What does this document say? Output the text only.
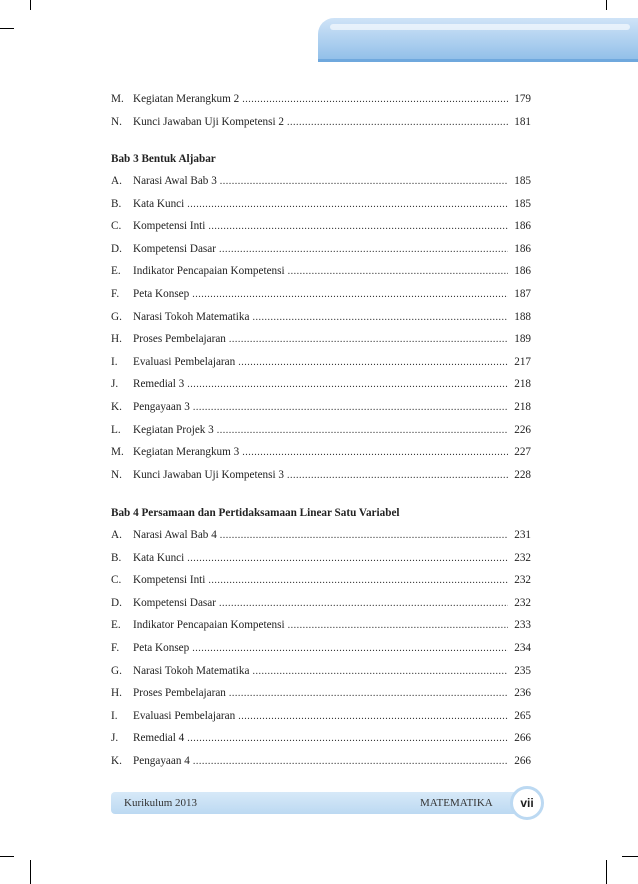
M. Kegiatan Merangkum 2 .....	179
N. Kunci Jawaban Uji Kompetensi 2 .....	181
Bab 3 Bentuk Aljabar
A. Narasi Awal Bab 3 .....	185
B.	Kata Kunci .....	185
C.	Kompetensi Inti .....	186
D. Kompetensi Dasar .....	186
E.	Indikator Pencapaian Kompetensi .....	186
F.	Peta Konsep .....	187
G. Narasi Tokoh Matematika .....	188
H. Proses Pembelajaran .....	189
I.	Evaluasi Pembelajaran .....	217
J.	Remedial 3 .....	218
K. Pengayaan 3 .....	218
L.	Kegiatan Projek 3 .....	226
M. Kegiatan Merangkum 3 .....	227
N. Kunci Jawaban Uji Kompetensi 3 .....	228
Bab 4 Persamaan dan Pertidaksamaan Linear Satu Variabel
A. Narasi Awal Bab 4 .....	231
B.	Kata Kunci .....	232
C.	Kompetensi Inti .....	232
D. Kompetensi Dasar .....	232
E.	Indikator Pencapaian Kompetensi .....	233
F.	Peta Konsep .....	234
G. Narasi Tokoh Matematika .....	235
H. Proses Pembelajaran .....	236
I.	Evaluasi Pembelajaran .....	265
J.	Remedial 4 .....	266
K. Pengayaan 4 .....	266
Kurikulum 2013	MATEMATIKA vii
